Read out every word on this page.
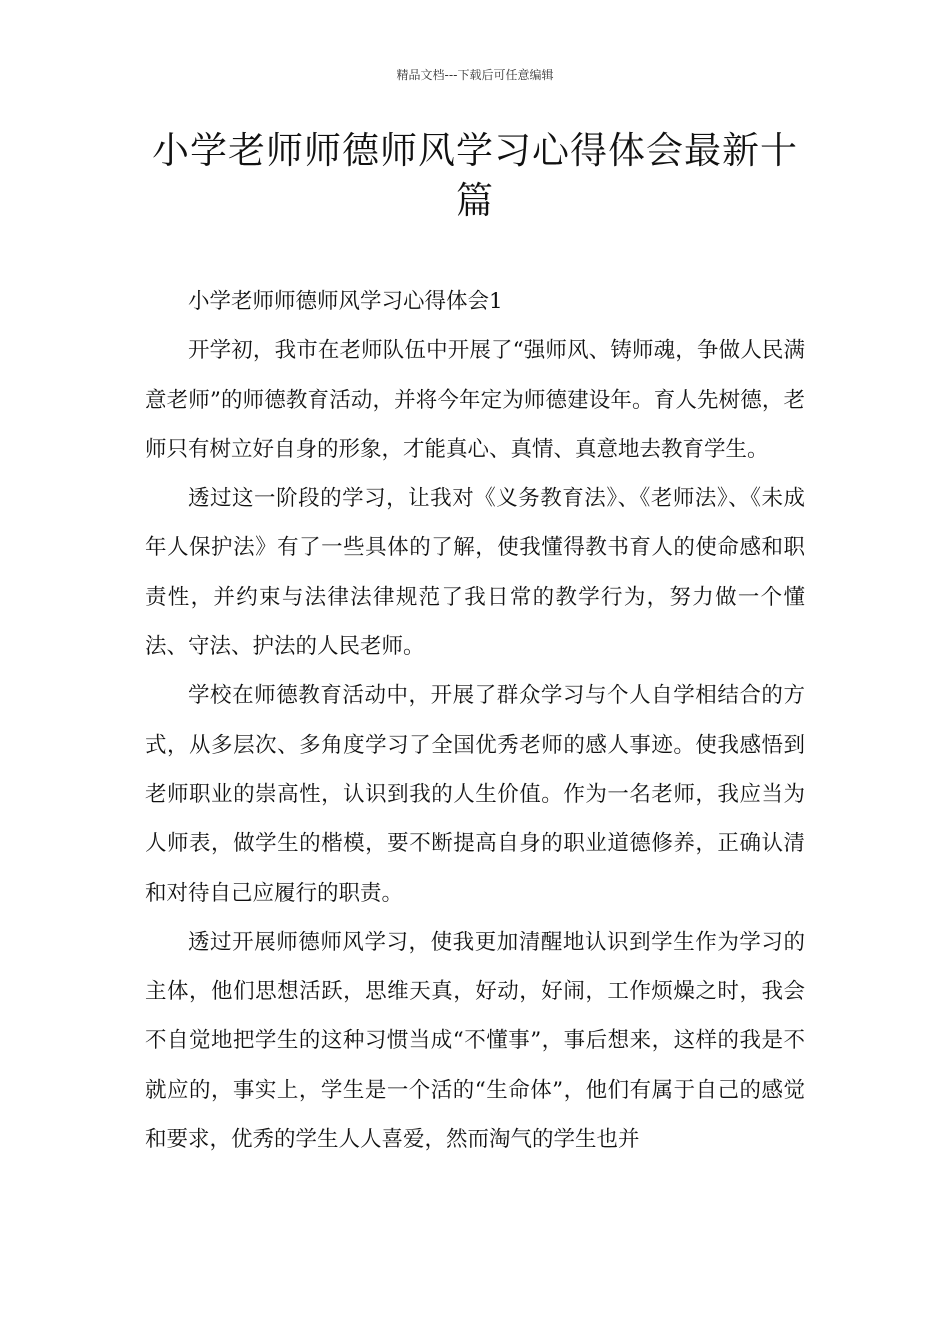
精品文档---下载后可任意编辑
小学老师师德师风学习心得体会最新十篇

小学老师师德师风学习心得体会1

开学初，我市在老师队伍中开展了“强师风、铸师魂，争做人民满意老师”的师德教育活动，并将今年定为师德建设年。育人先树德，老师只有树立好自身的形象，才能真心、真情、真意地去教育学生。

透过这一阶段的学习，让我对《义务教育法》、《老师法》、《未成年人保护法》有了一些具体的了解，使我懂得教书育人的使命感和职责性，并约束与法律法律规范了我日常的教学行为，努力做一个懂法、守法、护法的人民老师。

学校在师德教育活动中，开展了群众学习与个人自学相结合的方式，从多层次、多角度学习了全国优秀老师的感人事迹。使我感悟到老师职业的崇高性，认识到我的人生价值。作为一名老师，我应当为人师表，做学生的楷模，要不断提高自身的职业道德修养，正确认清和对待自己应履行的职责。

透过开展师德师风学习，使我更加清醒地认识到学生作为学习的主体，他们思想活跃，思维天真，好动，好闹，工作烦燥之时，我会不自觉地把学生的这种习惯当成“不懂事”，事后想来，这样的我是不就应的，事实上，学生是一个活的“生命体”，他们有属于自己的感觉和要求，优秀的学生人人喜爱，然而淘气的学生也并
